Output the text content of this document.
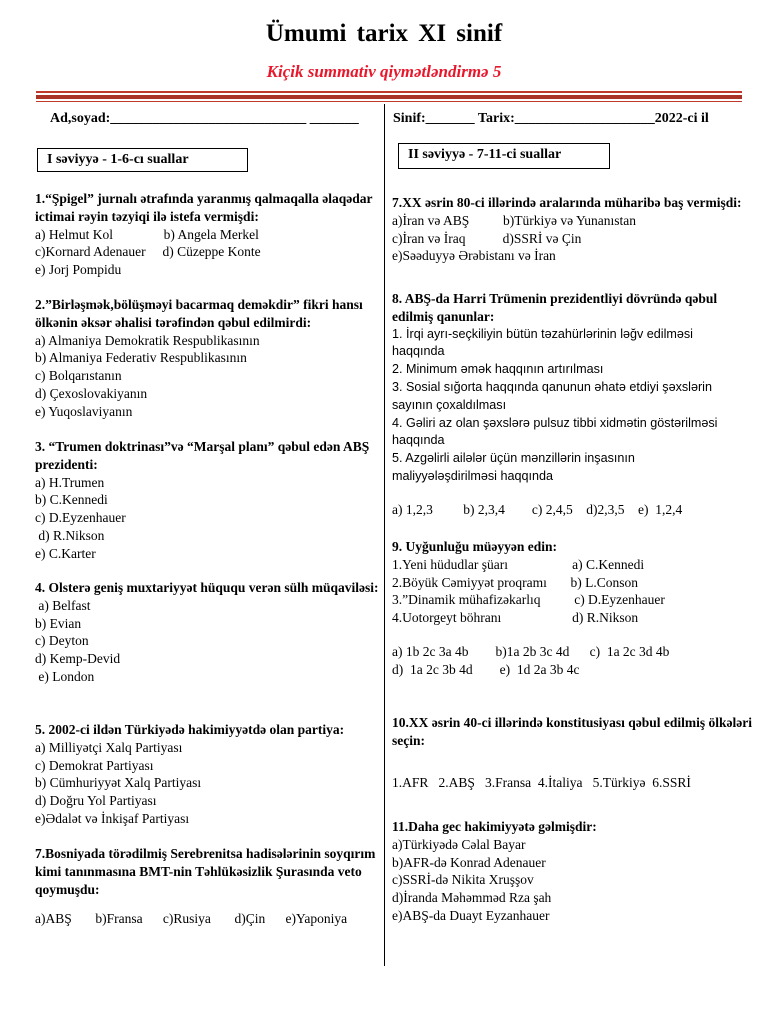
Ümumi tarix XI sinif
Kiçik summativ qiymətləndirmə 5
Ad,soyad:____________________________ _______ Sinif:_______ Tarix:____________________2022-ci il
I səviyyə - 1-6-cı suallar	II səviyyə - 7-11-ci suallar
1.“Şpigel” jurnalı ətrafında yaranmış qalmaqalla əlaqədar ictimai rəyin təzyiqi ilə istefa vermişdi:
a) Helmut Kol               b) Angela Merkel
c)Kornard Adenauer     d) Cüzeppe Konte
e) Jorj Pompidu
2.”Birləşmək,bölüşməyi bacarmaq deməkdir” fikri hansı ölkənin əksər əhalisi tərəfindən qəbul edilmirdi:
a) Almaniya Demokratik Respublikasının
b) Almaniya Federativ Respublikasının
c) Bolqarıstanın
d) Çexoslovakiyanın
e) Yuqoslaviyanın
3. “Trumen doktrinası”və “Marşal planı” qəbul edən ABŞ prezidenti:
a) H.Trumen
b) C.Kennedi
c) D.Eyzenhauer
d) R.Nikson
e) C.Karter
4. Olsterə geniş muxtariyyət hüququ verən sülh müqaviləsi:
a) Belfast
b) Evian
c) Deyton
d) Kemp-Devid
e) London
5. 2002-ci ildən Türkiyədə hakimiyyətdə olan partiya:
a) Milliyətçi Xalq Partiyası
c) Demokrat Partiyası
b) Cümhuriyyət Xalq Partiyası
d) Doğru Yol Partiyası
e)Ədalət və İnkişaf Partiyası
7.Bosniyada törədilmiş Serebrenitsa hadisələrinin soyqırım kimi tanınmasına BMT-nin Təhlükəsizlik Şurasında veto qoymuşdu:
a)ABŞ       b)Fransa      c)Rusiya       d)Çin      e)Yaponiya
7.XX əsrin 80-ci illərində aralarında müharibə baş vermişdi:
a)İran və ABŞ          b)Türkiyə və Yunanıstan
c)İran və İraq           d)SSRİ və Çin
e)Səəduyyə Ərəbistanı və İran
8. ABŞ-da Harri Trümenin prezidentliyi dövründə qəbul edilmiş qanunlar:
1. İrqi ayrı-seçkiliyin bütün təzahürlərinin ləğv edilməsi
haqqında
2. Minimum əmək haqqının artırılması
3. Sosial sığorta haqqında qanunun əhatə etdiyi şəxslərin
sayının çoxaldılması
4. Gəliri az olan şəxslərə pulsuz tibbi xidmətin göstərilməsi
haqqında
5. Azgəlirli ailələr üçün mənzillərin inşasının
maliyyələşdirilməsi haqqında
a) 1,2,3         b) 2,3,4        c) 2,4,5    d)2,3,5    e)  1,2,4
9. Uyğunluğu müəyyən edin:
1.Yeni hüdudlar şüarı                   a) C.Kennedi
2.Böyük Cəmiyyət proqramı       b) L.Conson
3.”Dinamik mühafizəkarlıq          c) D.Eyzenhauer
4.Uotorgeyt böhranı                     d) R.Nikson
a) 1b 2c 3a 4b        b)1a 2b 3c 4d      c)  1a 2c 3d 4b
d)  1a 2c 3b 4d        e)  1d 2a 3b 4c
10.XX əsrin 40-ci illərində konstitusiyası qəbul edilmiş ölkələri seçin:
1.AFR   2.ABŞ   3.Fransa  4.İtaliya   5.Türkiyə  6.SSRİ
11.Daha gec hakimiyyətə gəlmişdir:
a)Türkiyədə Cəlal Bayar
b)AFR-də Konrad Adenauer
c)SSRİ-də Nikita Xruşşov
d)İranda Məhəmməd Rza şah
e)ABŞ-da Duayt Eyzanhauer
